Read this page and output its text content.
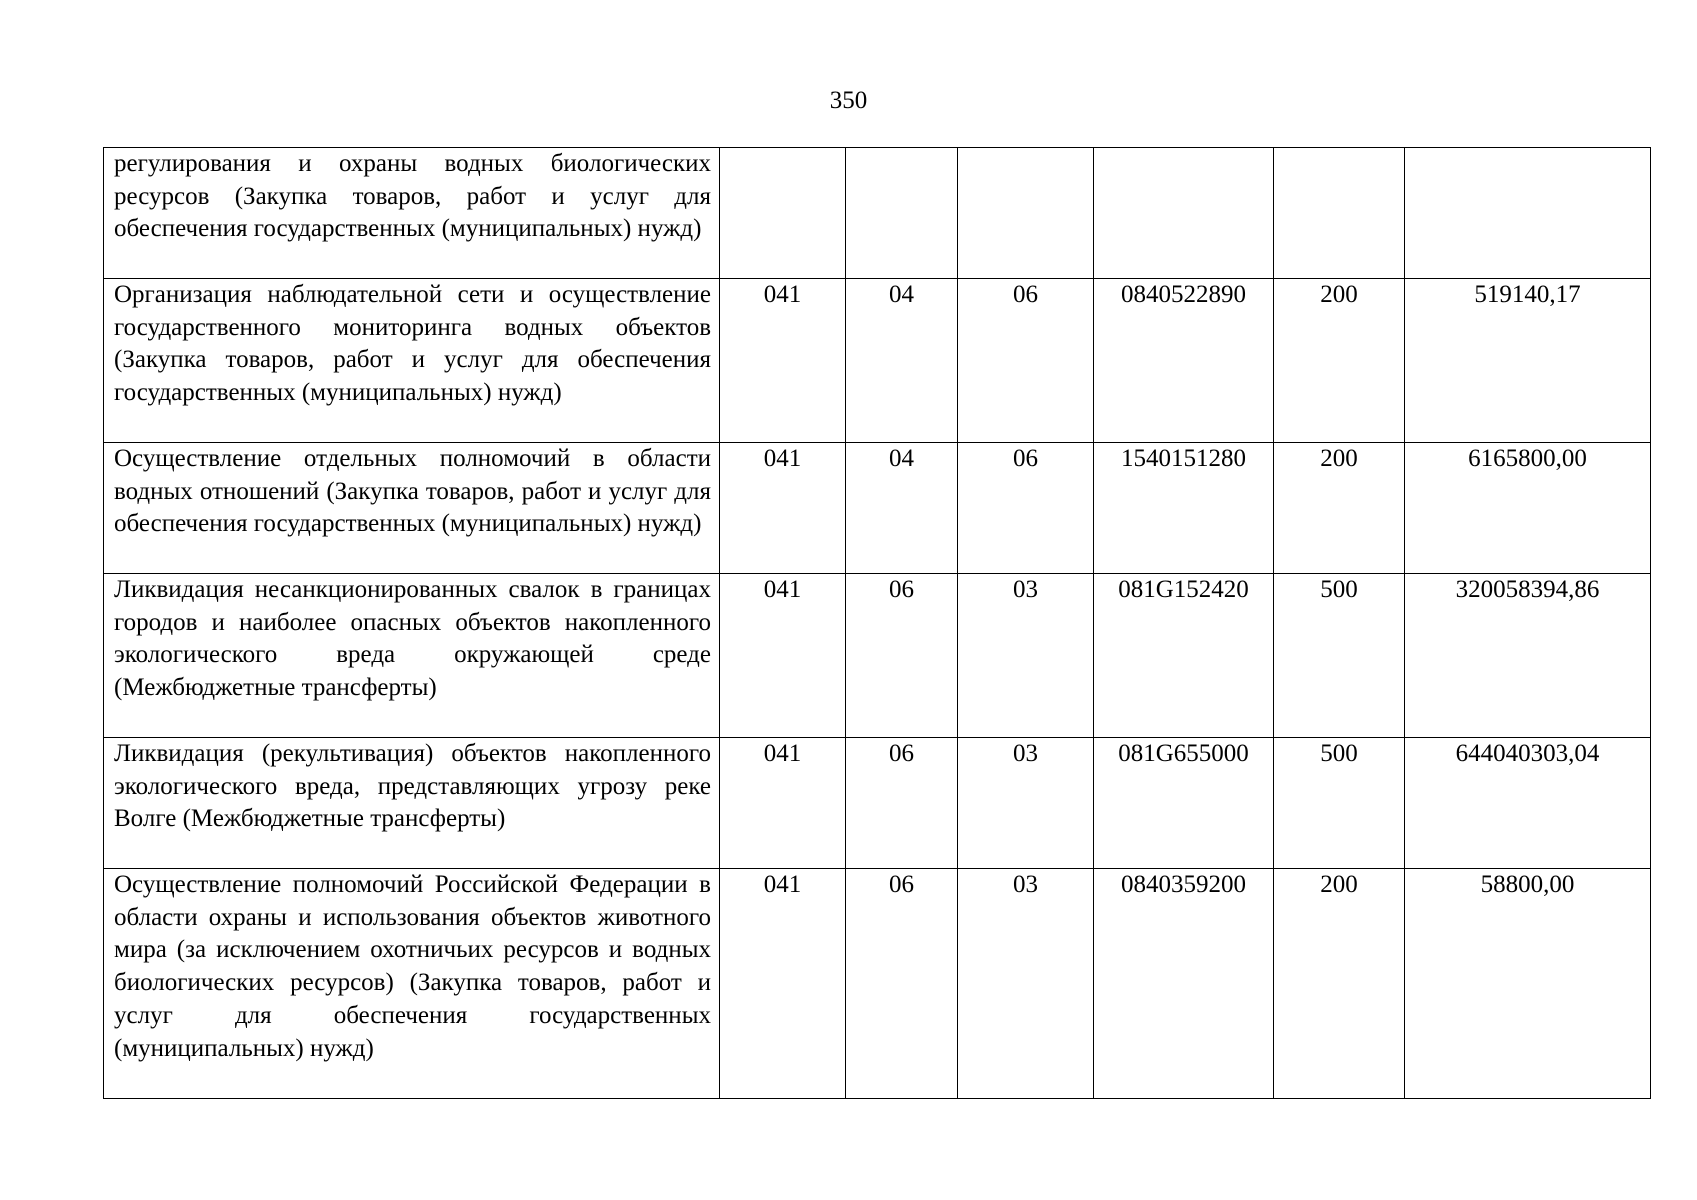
350
регулирования и охраны водных биологических ресурсов (Закупка товаров, работ и услуг для обеспечения государственных (муниципальных) нужд)						
Организация наблюдательной сети и осуществление государственного мониторинга водных объектов (Закупка товаров, работ и услуг для обеспечения государственных (муниципальных) нужд)	041	04	06	0840522890	200	519140,17
Осуществление отдельных полномочий в области водных отношений (Закупка товаров, работ и услуг для обеспечения государственных (муниципальных) нужд)	041	04	06	1540151280	200	6165800,00
Ликвидация несанкционированных свалок в границах городов и наиболее опасных объектов накопленного экологического вреда окружающей среде (Межбюджетные трансферты)	041	06	03	081G152420	500	320058394,86
Ликвидация (рекультивация) объектов накопленного экологического вреда, представляющих угрозу реке Волге (Межбюджетные трансферты)	041	06	03	081G655000	500	644040303,04
Осуществление полномочий Российской Федерации в области охраны и использования объектов животного мира (за исключением охотничьих ресурсов и водных биологических ресурсов) (Закупка товаров, работ и услуг для обеспечения государственных (муниципальных) нужд)	041	06	03	0840359200	200	58800,00
